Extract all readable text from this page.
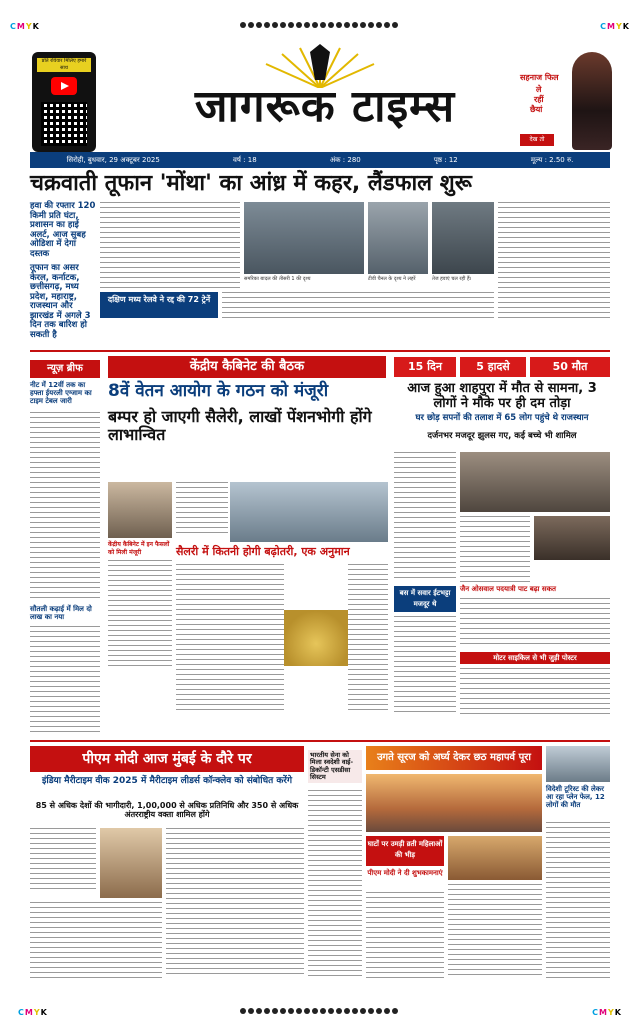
CMYK	CMYK
CMYK	CMYK
प्रति रविवार मिलिए हमारे साथ
जागरूक टाइम्स
सहनाज फिल
ले
रहीं
छैयां
देख तो
सिरोही, बुधवार, 29 अक्टूबर 2025	वर्ष : 18	अंक : 280	पृष्ठ : 12	मूल्य : 2.50 रु.
चक्रवाती तूफान 'मोंथा' का आंध्र में कहर, लैंडफाल शुरू
हवा की रफ्तार 120 किमी प्रति घंटा, प्रशासन का हाई अलर्ट, आज सुबह ओडिशा में देगा दस्तक
तूफान का असर केरल, कर्नाटक, छत्तीसगढ़, मध्य प्रदेश, महाराष्ट्र, राजस्थान और झारखंड में अगले 3 दिन तक बारिश हो सकती है
समरिका बादल की तीसरी 1 की दृश्य	टीवी चैनल के दृश्य ने लहरें	तेज हवाएं चल रही हैं।
दक्षिण मध्य रेलवे ने रद्द की 72 ट्रेनें
न्यूज़ ब्रीफ
नीट में 12वीं तक का हफ्ता ईयरली एग्जाम का टाइम टेबल जारी
सौतली कढ़ाई में मिल दो लाख का नया
केंद्रीय कैबिनेट की बैठक
8वें वेतन आयोग के गठन को मंजूरी
बम्पर हो जाएगी सैलेरी, लाखों पेंशनभोगी होंगे लाभान्वित
केंद्रीय कैबिनेट में इन फैसलों को मिली मंजूरी	सैलरी में कितनी होगी बढ़ोतरी, एक अनुमान
15 दिन	5 हादसे	50 मौत
आज हुआ शाहपुरा में मौत से सामना, 3 लोगों ने मौके पर ही दम तोड़ा
घर छोड़ सपनों की तलाश में 65 लोग पहुंचे थे राजस्थान
दर्जनभर मजदूर झुलस गए, कई बच्चे भी शामिल
बस में सवार ईटभट्टा मजदूर थे
जैन ओसवाल पदयात्री पाट बढ़ा सकत
मोटर साइकिल से भी जुड़ी पोस्टर
पीएम मोदी आज मुंबई के दौरे पर
इंडिया मैरीटाइम वीक 2025 में मैरीटाइम लीडर्स कॉन्क्लेव को संबोधित करेंगे
85 से अधिक देशों की भागीदारी, 1,00,000 से अधिक प्रतिनिधि और 350 से अधिक अंतरराष्ट्रीय वक्ता शामिल होंगे
भारतीय सेना को मिला स्वदेशी वाई-डिकॉन्टी एसडीसा सिस्टम
उगते सूरज को अर्घ्य देकर छठ महापर्व पूरा
घाटों पर उमड़ी व्रती महिलाओं की भीड़
पीएम मोदी ने दी शुभकामनाएं
विदेशी टूरिस्ट की लेकर आ रहा प्लेन फेल, 12 लोगों की मौत
